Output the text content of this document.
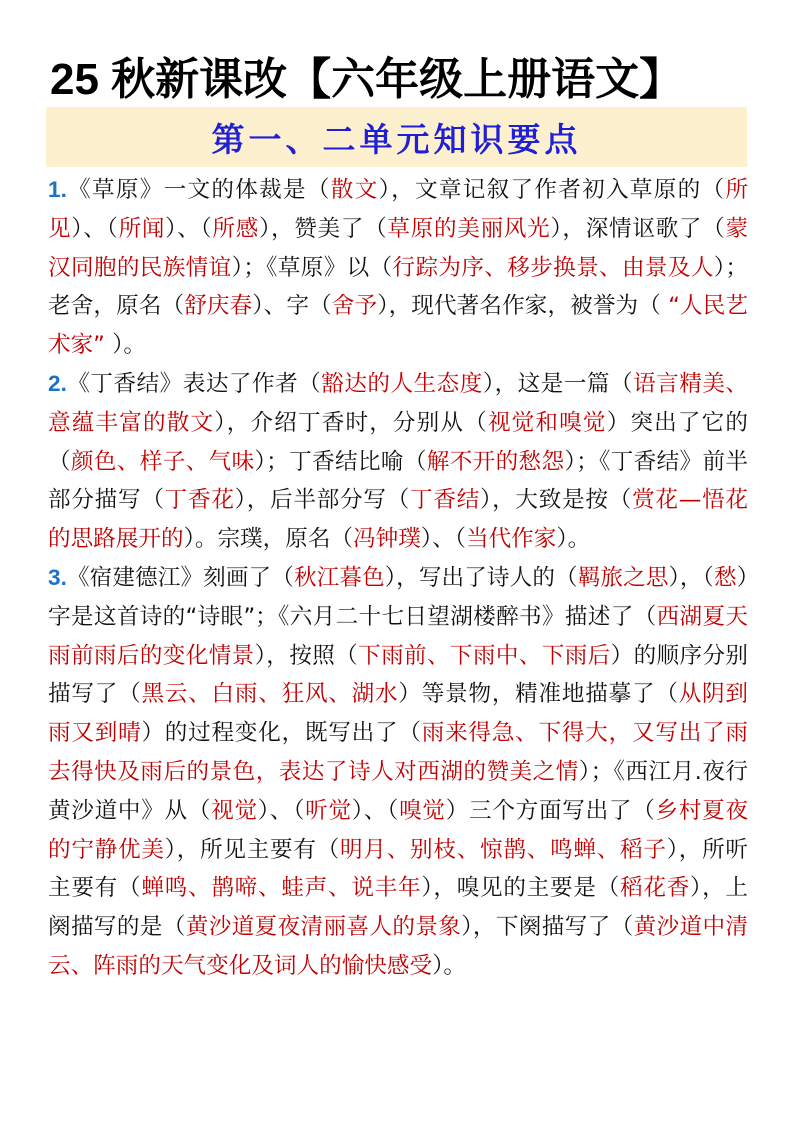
25 秋新课改【六年级上册语文】
第一、二单元知识要点

1.《草原》一文的体裁是（散文），文章记叙了作者初入草原的（所见）、（所闻）、（所感），赞美了（草原的美丽风光），深情讴歌了（蒙汉同胞的民族情谊）；《草原》以（行踪为序、移步换景、由景及人）；老舍，原名（舒庆春）、字（舍予），现代著名作家，被誉为（ “人民艺术家” ）。

2.《丁香结》表达了作者（豁达的人生态度），这是一篇（语言精美、意蕴丰富的散文），介绍丁香时，分别从（视觉和嗅觉）突出了它的（颜色、样子、气味）；丁香结比喻（解不开的愁怨）；《丁香结》前半部分描写（丁香花），后半部分写（丁香结），大致是按（赏花—悟花的思路展开的）。宗璞，原名（冯钟璞）、（当代作家）。

3.《宿建德江》刻画了（秋江暮色），写出了诗人的（羁旅之思），（愁）字是这首诗的“诗眼”；《六月二十七日望湖楼醉书》描述了（西湖夏天雨前雨后的变化情景），按照（下雨前、下雨中、下雨后）的顺序分别描写了（黑云、白雨、狂风、湖水）等景物，精准地描摹了（从阴到雨又到晴）的过程变化，既写出了（雨来得急、下得大，又写出了雨去得快及雨后的景色，表达了诗人对西湖的赞美之情）；《西江月.夜行黄沙道中》从（视觉）、（听觉）、（嗅觉）三个方面写出了（乡村夏夜的宁静优美），所见主要有（明月、别枝、惊鹊、鸣蝉、稻子），所听主要有（蝉鸣、鹊啼、蛙声、说丰年），嗅见的主要是（稻花香），上阕描写的是（黄沙道夏夜清丽喜人的景象），下阕描写了（黄沙道中清云、阵雨的天气变化及词人的愉快感受）。
